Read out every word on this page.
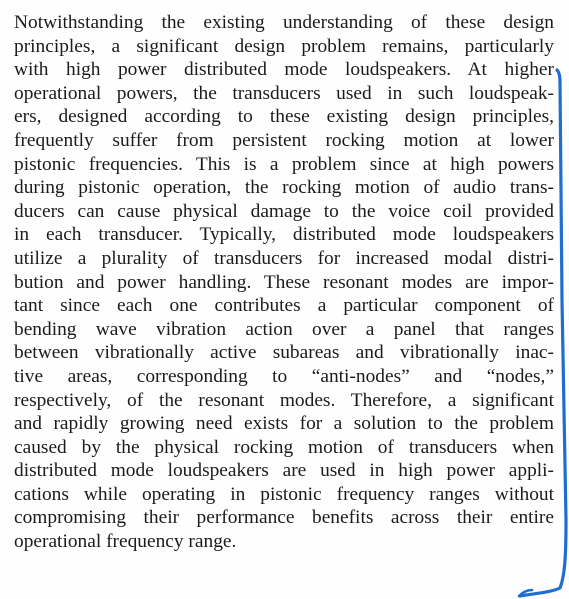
Notwithstanding the existing understanding of these design
principles, a significant design problem remains, particularly
with high power distributed mode loudspeakers. At higher
operational powers, the transducers used in such loudspeak-
ers, designed according to these existing design principles,
frequently suffer from persistent rocking motion at lower
pistonic frequencies. This is a problem since at high powers
during pistonic operation, the rocking motion of audio trans-
ducers can cause physical damage to the voice coil provided
in each transducer. Typically, distributed mode loudspeakers
utilize a plurality of transducers for increased modal distri-
bution and power handling. These resonant modes are impor-
tant since each one contributes a particular component of
bending wave vibration action over a panel that ranges
between vibrationally active subareas and vibrationally inac-
tive areas, corresponding to “anti-nodes” and “nodes,”
respectively, of the resonant modes. Therefore, a significant
and rapidly growing need exists for a solution to the problem
caused by the physical rocking motion of transducers when
distributed mode loudspeakers are used in high power appli-
cations while operating in pistonic frequency ranges without
compromising their performance benefits across their entire
operational frequency range.
